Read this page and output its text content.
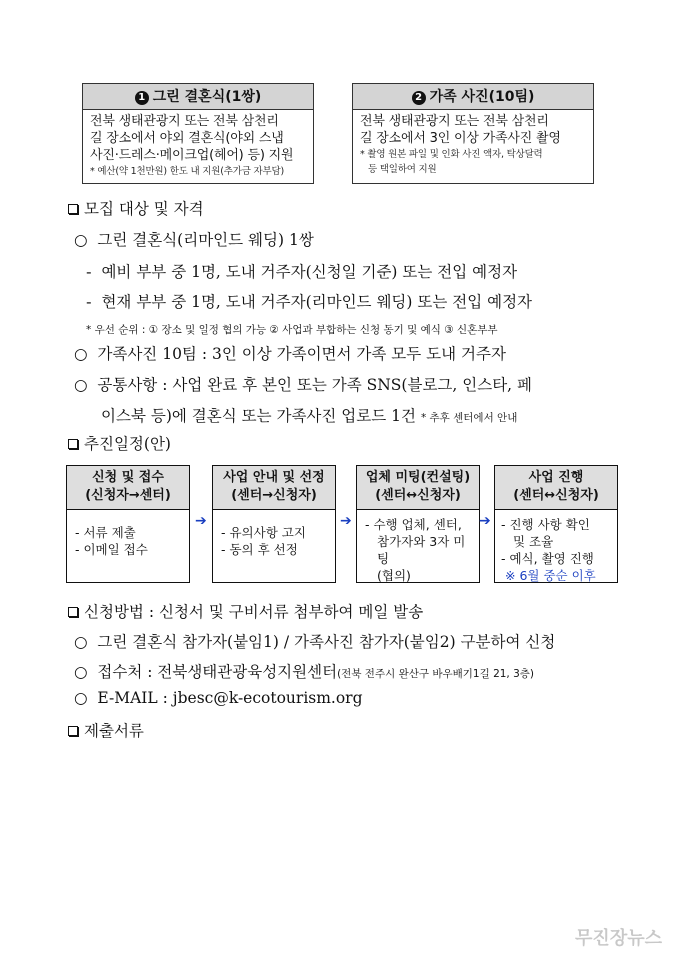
1 그린 결혼식(1쌍)
전북 생태관광지 또는 전북 삼천리
길 장소에서 야외 결혼식(야외 스냅
사진·드레스·메이크업(헤어) 등) 지원
* 예산(약 1천만원) 한도 내 지원(추가금 자부담)
2 가족 사진(10팀)
전북 생태관광지 또는 전북 삼천리
길 장소에서 3인 이상 가족사진 촬영
* 촬영 원본 파일 및 인화 사진 액자, 탁상달력
등 택일하여 지원
모집 대상 및 자격
○  그린 결혼식(리마인드 웨딩) 1쌍
-  예비 부부 중 1명, 도내 거주자(신청일 기준) 또는 전입 예정자
-  현재 부부 중 1명, 도내 거주자(리마인드 웨딩) 또는 전입 예정자
* 우선 순위 : ① 장소 및 일정 협의 가능 ② 사업과 부합하는 신청 동기 및 예식 ③ 신혼부부
○  가족사진 10팀 : 3인 이상 가족이면서 가족 모두 도내 거주자
○  공통사항 : 사업 완료 후 본인 또는 가족 SNS(블로그, 인스타, 페
이스북 등)에 결혼식 또는 가족사진 업로드 1건 * 추후 센터에서 안내
추진일정(안)
신청 및 접수
(신청자→센터)
- 서류 제출
- 이메일 접수
➔
사업 안내 및 선정
(센터→신청자)
- 유의사항 고지
- 동의 후 선정
➔
업체 미팅(컨설팅)
(센터↔신청자)
- 수행 업체, 센터,
참가자와 3자 미팅
(협의)
➔
사업 진행
(센터↔신청자)
- 진행 사항 확인
및 조율
- 예식, 촬영 진행
※ 6월 중순 이후
신청방법 : 신청서 및 구비서류 첨부하여 메일 발송
○  그린 결혼식 참가자(붙임1) / 가족사진 참가자(붙임2) 구분하여 신청
○  접수처 : 전북생태관광육성지원센터(전북 전주시 완산구 바우배기1길 21, 3층)
○  E-MAIL : jbesc@k-ecotourism.org
제출서류
무진장뉴스
